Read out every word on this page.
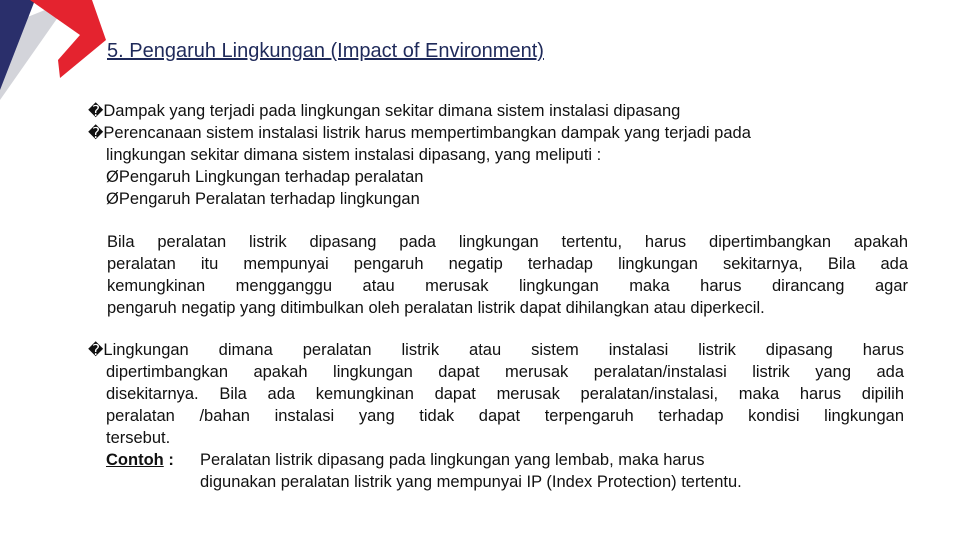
5. Pengaruh Lingkungan (Impact of Environment)
�Dampak yang terjadi pada lingkungan sekitar dimana sistem instalasi dipasang
�Perencanaan sistem instalasi listrik harus mempertimbangkan dampak yang terjadi pada
lingkungan sekitar dimana sistem instalasi dipasang, yang meliputi :
ØPengaruh Lingkungan terhadap peralatan
ØPengaruh Peralatan terhadap lingkungan
Bila peralatan listrik dipasang pada lingkungan tertentu, harus dipertimbangkan apakah
peralatan itu mempunyai pengaruh negatip terhadap lingkungan sekitarnya, Bila ada
kemungkinan mengganggu atau merusak lingkungan maka harus dirancang agar
pengaruh negatip yang ditimbulkan oleh peralatan listrik dapat dihilangkan atau diperkecil.
�Lingkungan dimana peralatan listrik atau sistem instalasi listrik dipasang harus
dipertimbangkan apakah lingkungan dapat merusak peralatan/instalasi listrik yang ada
disekitarnya. Bila ada kemungkinan dapat merusak peralatan/instalasi, maka harus dipilih
peralatan /bahan instalasi yang tidak dapat terpengaruh terhadap kondisi lingkungan
tersebut.
Contoh :Peralatan listrik dipasang pada lingkungan yang lembab, maka harus
digunakan peralatan listrik yang mempunyai IP (Index Protection) tertentu.
